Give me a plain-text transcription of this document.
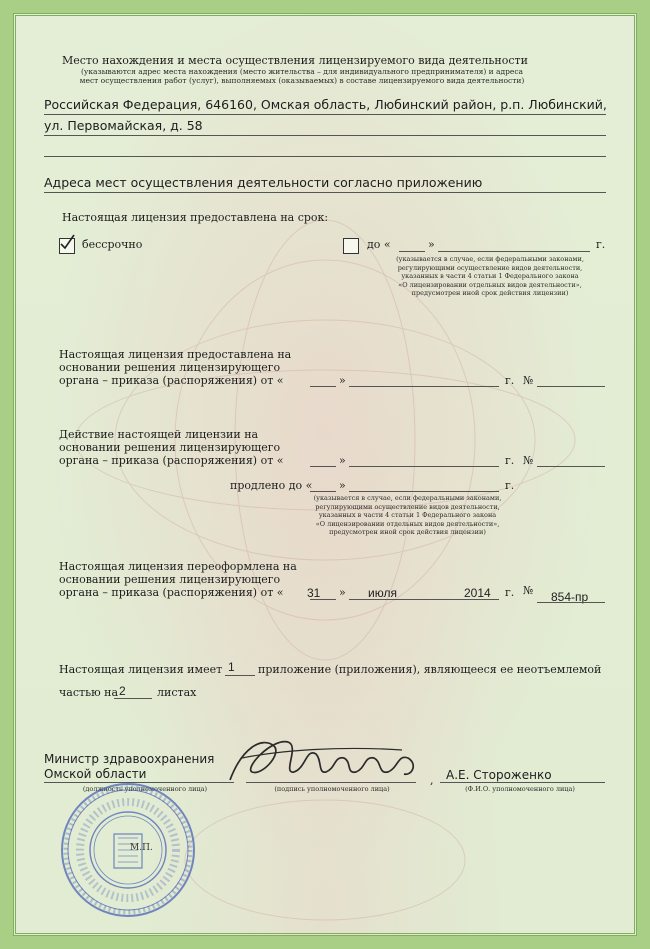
Место нахождения и места осуществления лицензируемого вида деятельности
(указываются адрес места нахождения (место жительства – для индивидуального предпринимателя) и адреса
мест осуществления работ (услуг), выполняемых (оказываемых) в составе лицензируемого вида деятельности)
Российская Федерация, 646160, Омская область, Любинский район, р.п. Любинский,
ул. Первомайская, д. 58
Адреса мест осуществления деятельности согласно приложению
Настоящая лицензия предоставлена на срок:
бессрочно	до «	»	г.
(указывается в случае, если федеральными законами,
регулирующими осуществление видов деятельности,
указанных в части 4 статьи 1 Федерального закона
«О лицензировании отдельных видов деятельности»,
предусмотрен иной срок действия лицензии)
Настоящая лицензия предоставлена на
основании решения лицензирующего
органа – приказа (распоряжения) от «	»	г. №
Действие настоящей лицензии на
основании решения лицензирующего
органа – приказа (распоряжения) от «	»	г. №
продлено до « »	г.
(указывается в случае, если федеральными законами,
регулирующими осуществление видов деятельности,
указанных в части 4 статьи 1 Федерального закона
«О лицензировании отдельных видов деятельности»,
предусмотрен иной срок действия лицензии)
Настоящая лицензия переоформлена на
основании решения лицензирующего
органа – приказа (распоряжения) от « 31 » июля	2014 г. № 854-пр
Настоящая лицензия имеет 1 приложение (приложения), являющееся ее неотъемлемой
частью на 2	листах
Министр здравоохранения
Омской области
(должность уполномоченного лица)	(подпись уполномоченного лица)
, А.Е. Стороженко
(Ф.И.О. уполномоченного лица)
М.П.
